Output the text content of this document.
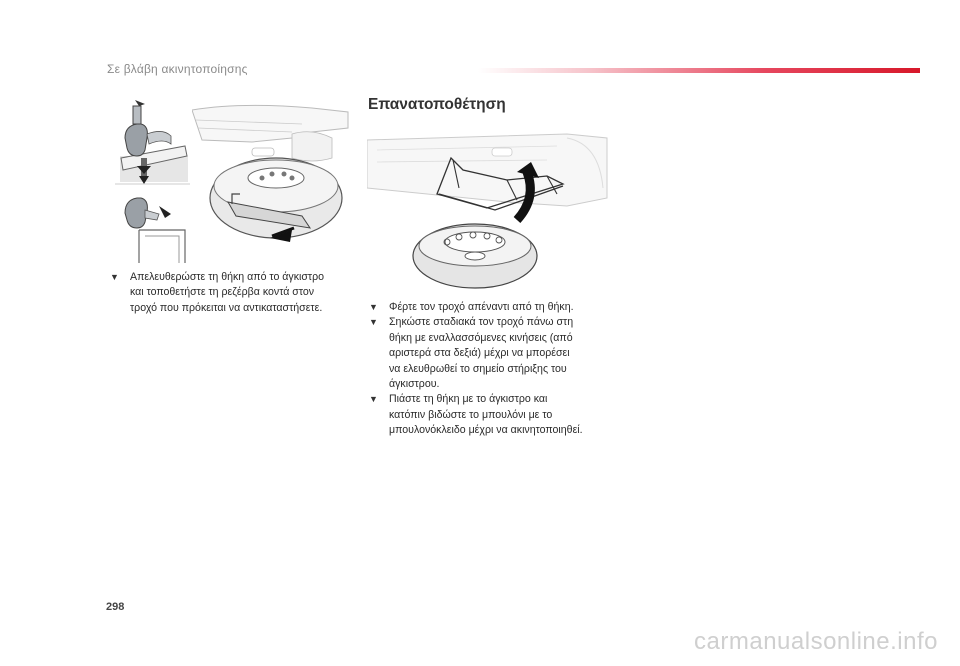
Σε βλάβη ακινητοποίησης
Επανατοποθέτηση
▼ Απελευθερώστε τη θήκη από το άγκιστρο
και τοποθετήστε τη ρεζέρβα κοντά στον
τροχό που πρόκειται να αντικαταστήσετε.	▼ Φέρτε τον τροχό απέναντι από τη θήκη.
▼ Σηκώστε σταδιακά τον τροχό πάνω στη
θήκη με εναλλασσόμενες κινήσεις (από
αριστερά στα δεξιά) μέχρι να μπορέσει
να ελευθρωθεί το σημείο στήριξης του
άγκιστρου.
▼ Πιάστε τη θήκη με το άγκιστρο και
κατόπιν βιδώστε το μπουλόνι με το
μπουλονόκλειδο μέχρι να ακινητοποιηθεί.
298
carmanualsonline.info
